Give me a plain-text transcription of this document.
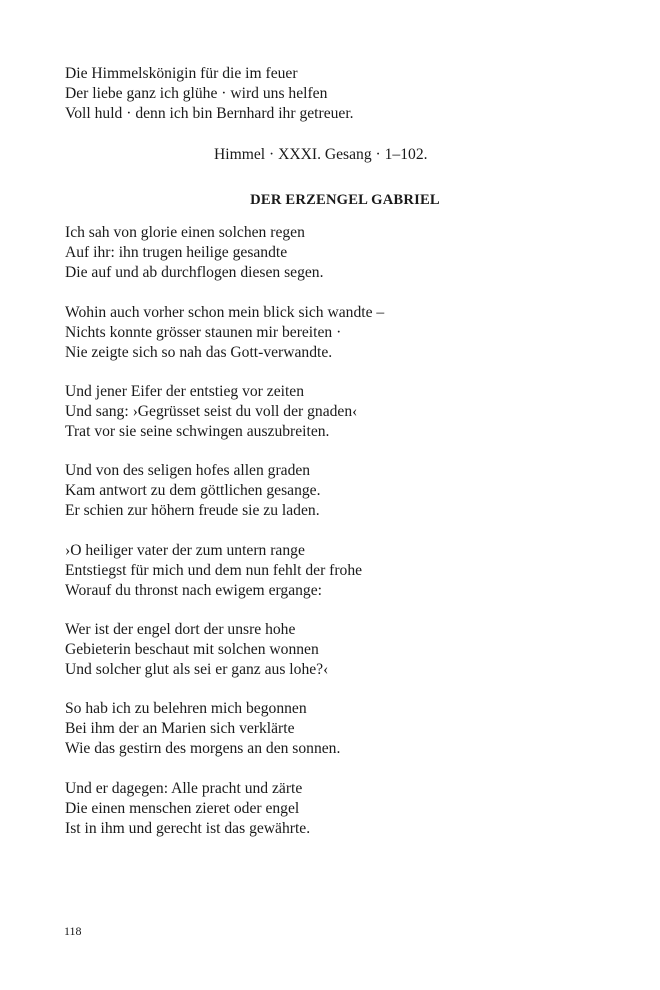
Die Himmelskönigin für die im feuer
Der liebe ganz ich glühe · wird uns helfen
Voll huld · denn ich bin Bernhard ihr getreuer.
Himmel · XXXI. Gesang · 1–102.
DER ERZENGEL GABRIEL
Ich sah von glorie einen solchen regen
Auf ihr: ihn trugen heilige gesandte
Die auf und ab durchflogen diesen segen.
Wohin auch vorher schon mein blick sich wandte –
Nichts konnte grösser staunen mir bereiten ·
Nie zeigte sich so nah das Gott-verwandte.
Und jener Eifer der entstieg vor zeiten
Und sang: ›Gegrüsset seist du voll der gnaden‹
Trat vor sie seine schwingen auszubreiten.
Und von des seligen hofes allen graden
Kam antwort zu dem göttlichen gesange.
Er schien zur höhern freude sie zu laden.
›O heiliger vater der zum untern range
Entstiegst für mich und dem nun fehlt der frohe
Worauf du thronst nach ewigem ergange:
Wer ist der engel dort der unsre hohe
Gebieterin beschaut mit solchen wonnen
Und solcher glut als sei er ganz aus lohe?‹
So hab ich zu belehren mich begonnen
Bei ihm der an Marien sich verklärte
Wie das gestirn des morgens an den sonnen.
Und er dagegen: Alle pracht und zärte
Die einen menschen zieret oder engel
Ist in ihm und gerecht ist das gewährte.
118
